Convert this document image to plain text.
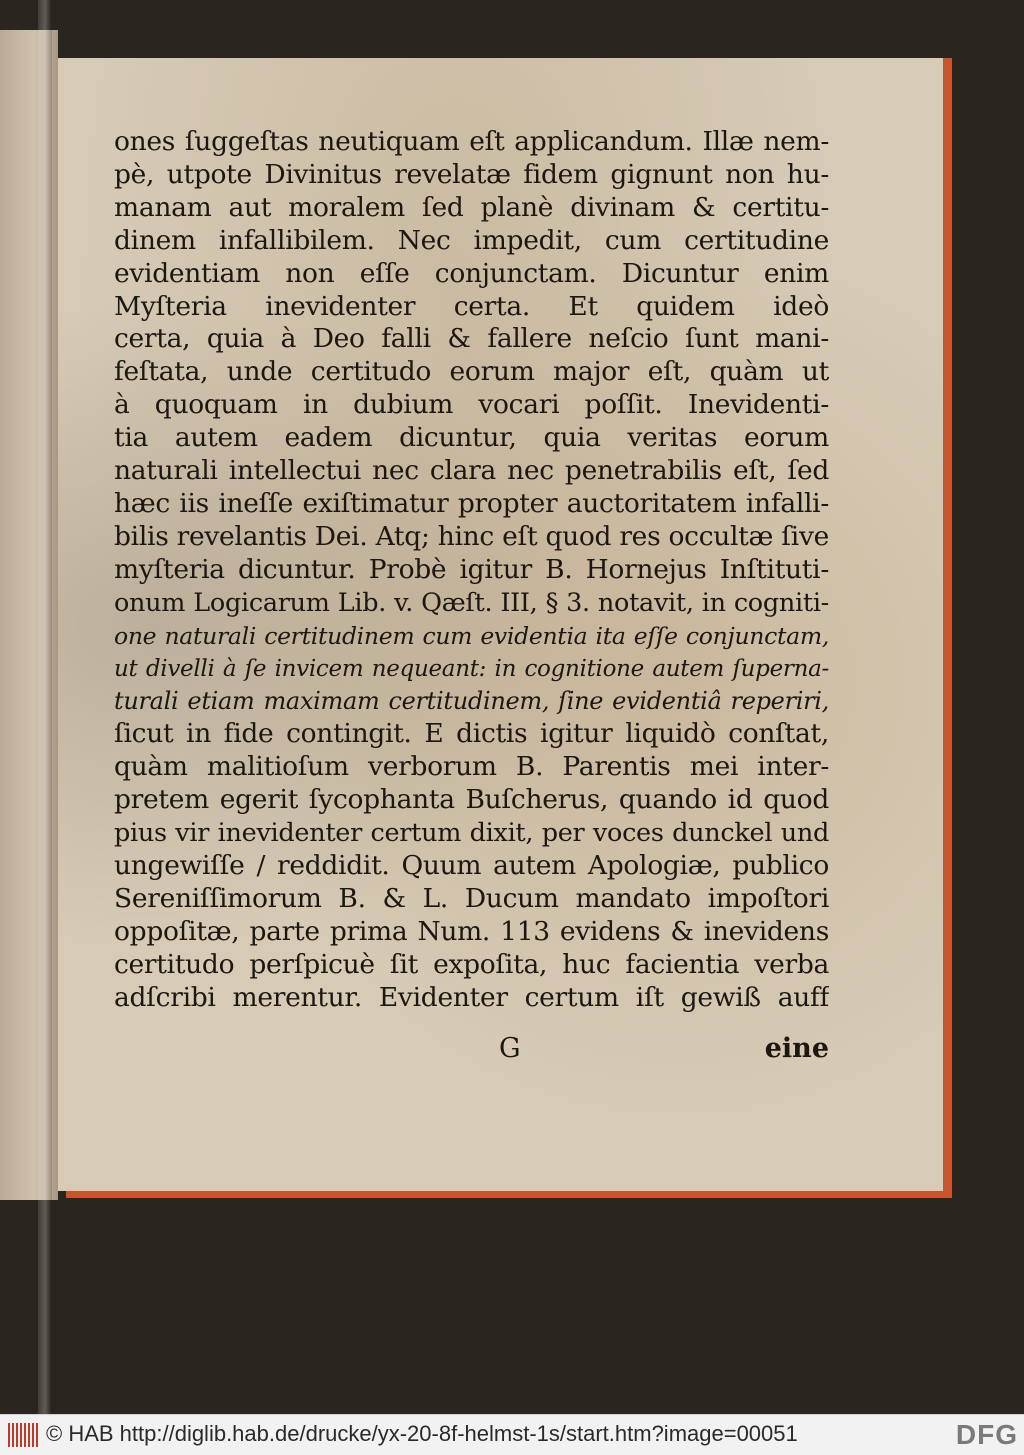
ones ſuggeſtas neutiquam eſt applicandum. Illæ nem-
pè, utpote Divinitus revelatæ fidem gignunt non hu-
manam aut moralem ſed planè divinam & certitu-
dinem infallibilem. Nec impedit, cum certitudine
evidentiam non eſſe conjunctam. Dicuntur enim
Myſteria inevidenter certa. Et quidem ideò
certa, quia à Deo falli & fallere neſcio ſunt mani-
feſtata, unde certitudo eorum major eſt, quàm ut
à quoquam in dubium vocari poſſit. Inevidenti-
tia autem eadem dicuntur, quia veritas eorum
naturali intellectui nec clara nec penetrabilis eſt, ſed
hæc iis ineſſe exiſtimatur propter auctoritatem infalli-
bilis revelantis Dei. Atq; hinc eſt quod res occultæ ſive
myſteria dicuntur. Probè igitur B. Hornejus Inſtituti-
onum Logicarum Lib. v. Qæſt. III, § 3. notavit, in cogniti-
one naturali certitudinem cum evidentia ita eſſe conjunctam,
ut divelli à ſe invicem nequeant: in cognitione autem ſuperna-
turali etiam maximam certitudinem, ſine evidentiâ reperiri,
ſicut in fide contingit. E dictis igitur liquidò conſtat,
quàm malitioſum verborum B. Parentis mei inter-
pretem egerit ſycophanta Buſcherus, quando id quod
pius vir inevidenter certum dixit, per voces dunckel und
ungewiſſe / reddidit. Quum autem Apologiæ, publico
Sereniſſimorum B. & L. Ducum mandato impoſtori
oppoſitæ, parte prima Num. 113 evidens & inevidens
certitudo perſpicuè ſit expoſita, huc facientia verba
adſcribi merentur. Evidenter certum iſt gewiß auff
G	eine
© HAB http://diglib.hab.de/drucke/yx-20-8f-helmst-1s/start.htm?image=00051	DFG
